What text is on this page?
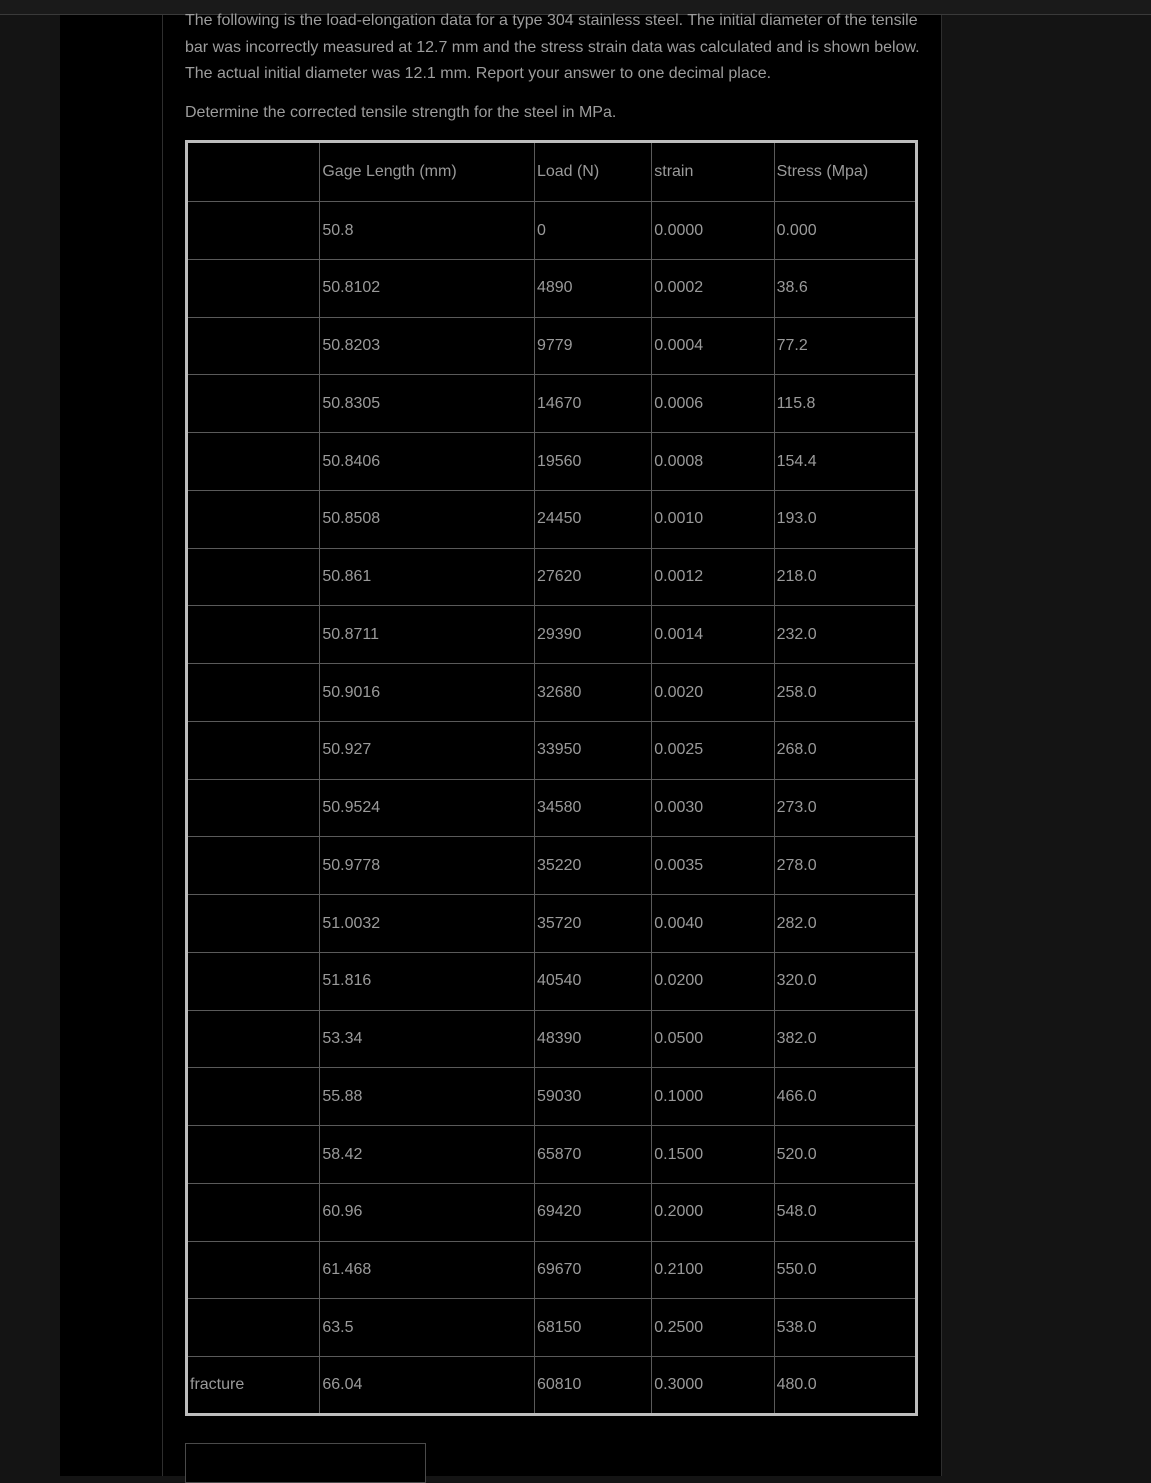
The following is the load-elongation data for a type 304 stainless steel. The initial diameter of the tensile bar was incorrectly measured at 12.7 mm and the stress strain data was calculated and is shown below. The actual initial diameter was 12.1 mm. Report your answer to one decimal place.

Determine the corrected tensile strength for the steel in MPa.

	Gage Length (mm)	Load (N)	strain	Stress (Mpa)
	50.8	0	0.0000	0.000
	50.8102	4890	0.0002	38.6
	50.8203	9779	0.0004	77.2
	50.8305	14670	0.0006	115.8
	50.8406	19560	0.0008	154.4
	50.8508	24450	0.0010	193.0
	50.861	27620	0.0012	218.0
	50.8711	29390	0.0014	232.0
	50.9016	32680	0.0020	258.0
	50.927	33950	0.0025	268.0
	50.9524	34580	0.0030	273.0
	50.9778	35220	0.0035	278.0
	51.0032	35720	0.0040	282.0
	51.816	40540	0.0200	320.0
	53.34	48390	0.0500	382.0
	55.88	59030	0.1000	466.0
	58.42	65870	0.1500	520.0
	60.96	69420	0.2000	548.0
	61.468	69670	0.2100	550.0
	63.5	68150	0.2500	538.0
fracture	66.04	60810	0.3000	480.0
